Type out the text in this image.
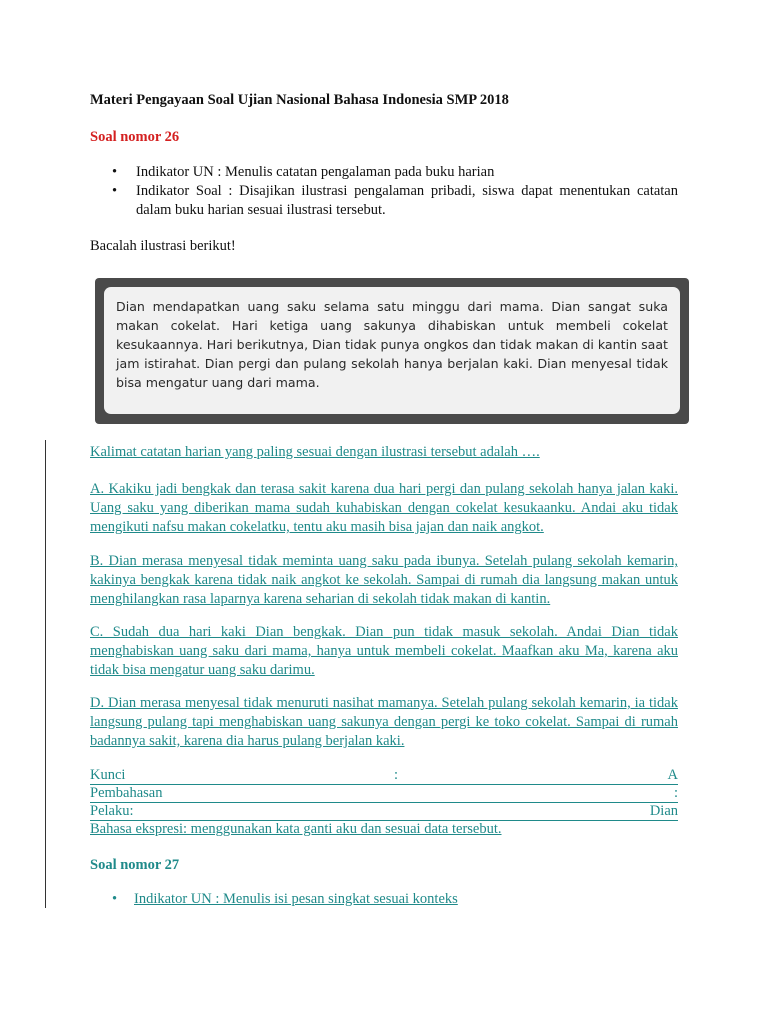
Materi Pengayaan Soal Ujian Nasional Bahasa Indonesia SMP 2018
Soal nomor 26
• Indikator UN : Menulis catatan pengalaman pada buku harian
• Indikator Soal : Disajikan ilustrasi pengalaman pribadi, siswa dapat menentukan catatan dalam buku harian sesuai ilustrasi tersebut.
Bacalah ilustrasi berikut!
Dian mendapatkan uang saku selama satu minggu dari mama. Dian sangat suka makan cokelat. Hari ketiga uang sakunya dihabiskan untuk membeli cokelat kesukaannya. Hari berikutnya, Dian tidak punya ongkos dan tidak makan di kantin saat jam istirahat. Dian pergi dan pulang sekolah hanya berjalan kaki. Dian menyesal tidak bisa mengatur uang dari mama.
Kalimat catatan harian yang paling sesuai dengan ilustrasi tersebut adalah ….
A. Kakiku jadi bengkak dan terasa sakit karena dua hari pergi dan pulang sekolah hanya jalan kaki. Uang saku yang diberikan mama sudah kuhabiskan dengan cokelat kesukaanku. Andai aku tidak mengikuti nafsu makan cokelatku, tentu aku masih bisa jajan dan naik angkot.
B. Dian merasa menyesal tidak meminta uang saku pada ibunya. Setelah pulang sekolah kemarin, kakinya bengkak karena tidak naik angkot ke sekolah. Sampai di rumah dia langsung makan untuk menghilangkan rasa laparnya karena seharian di sekolah tidak makan di kantin.
C. Sudah dua hari kaki Dian bengkak. Dian pun tidak masuk sekolah. Andai Dian tidak menghabiskan uang saku dari mama, hanya untuk membeli cokelat. Maafkan aku Ma, karena aku tidak bisa mengatur uang saku darimu.
D. Dian merasa menyesal tidak menuruti nasihat mamanya. Setelah pulang sekolah kemarin, ia tidak langsung pulang tapi menghabiskan uang sakunya dengan pergi ke toko cokelat. Sampai di rumah badannya sakit, karena dia harus pulang berjalan kaki.
Kunci	:	A
Pembahasan	:
Pelaku:	Dian
Bahasa ekspresi: menggunakan kata ganti aku dan sesuai data tersebut.
Soal nomor 27
• Indikator UN : Menulis isi pesan singkat sesuai konteks
